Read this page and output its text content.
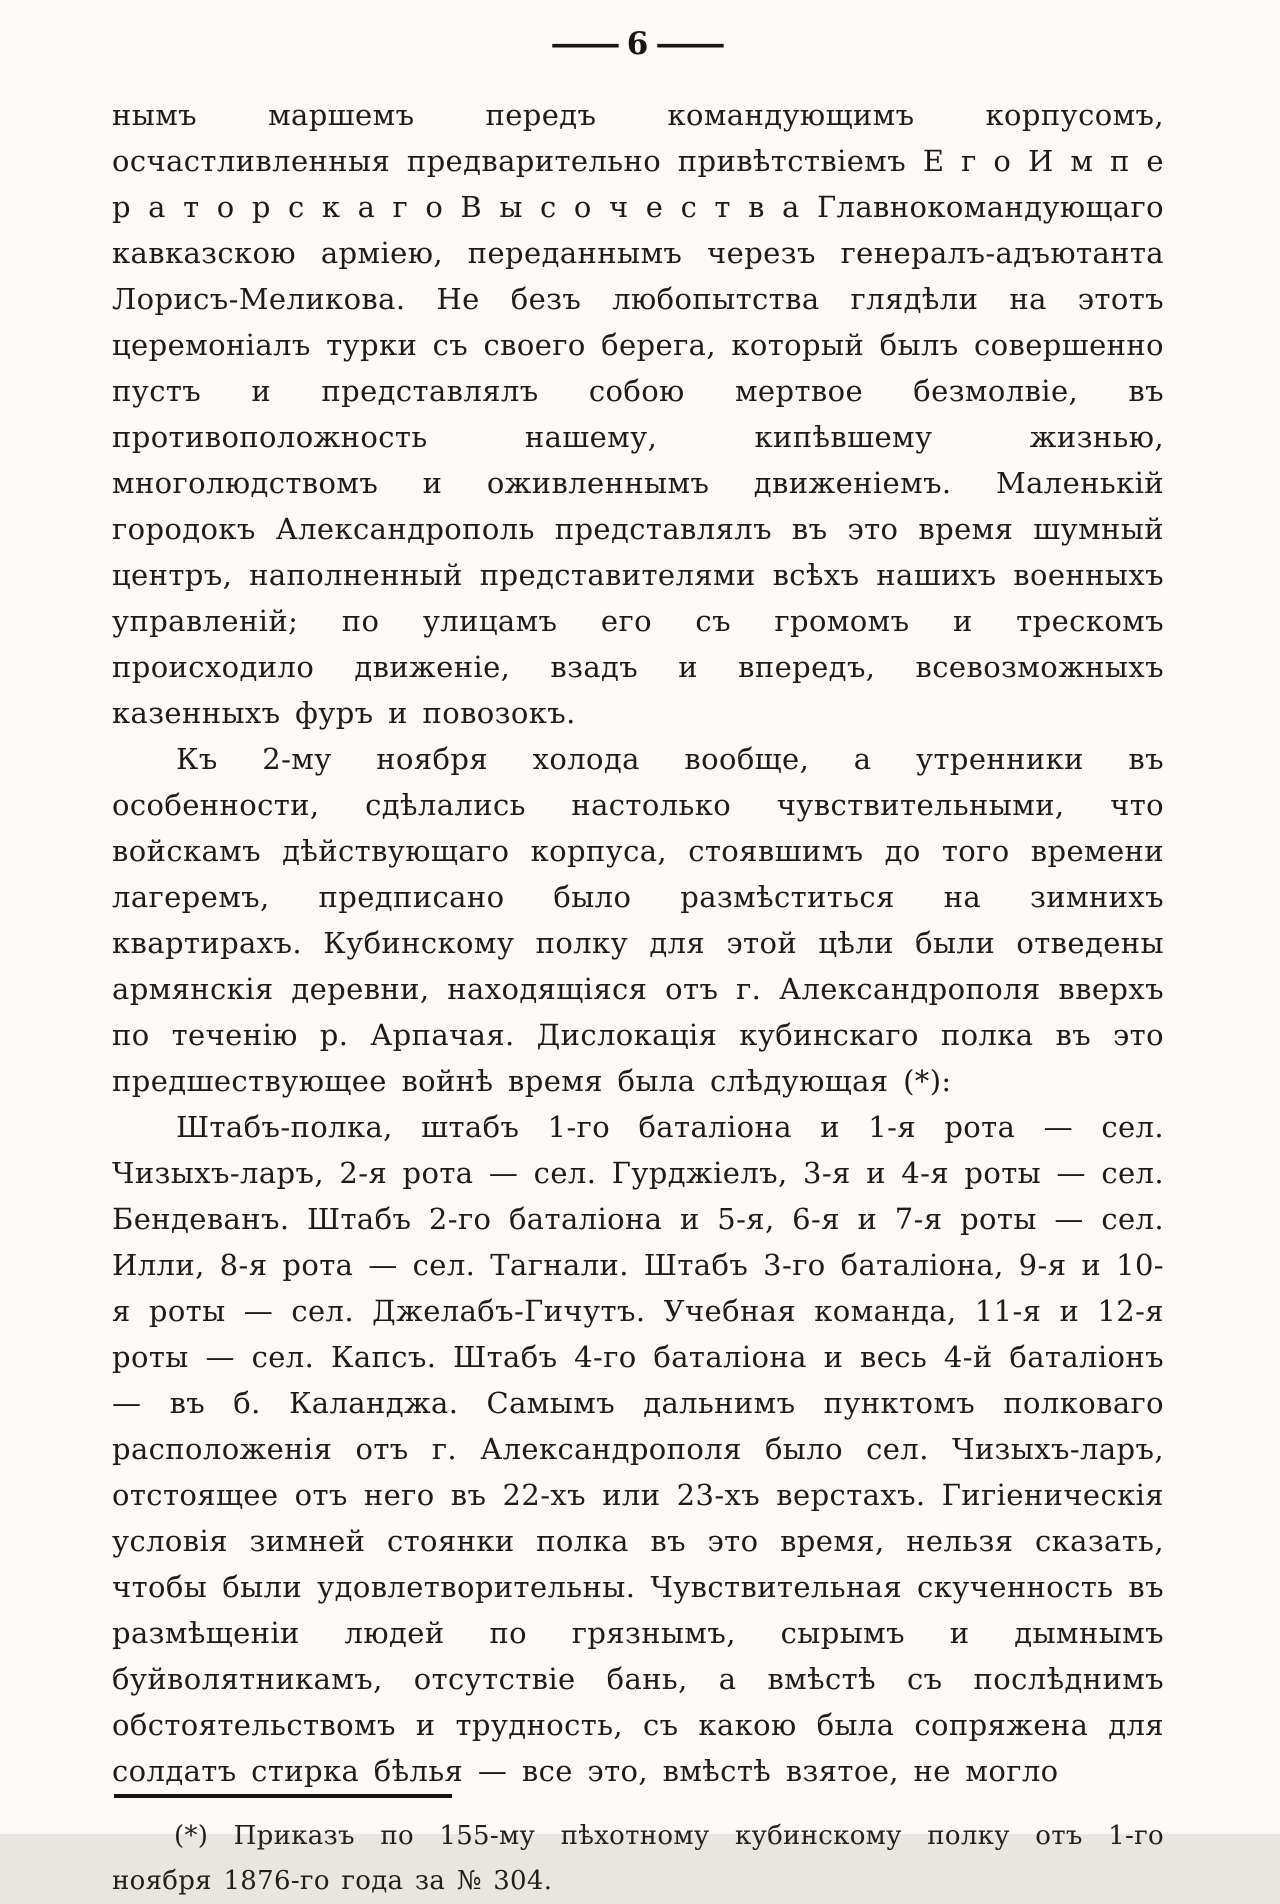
— 6 —

нымъ маршемъ передъ командующимъ корпусомъ, осчастливленныя предварительно привѣтствіемъ Е г о И м п е р а т о р с к а г о В ы с о ч е с т в а Главнокомандующаго кавказскою арміею, переданнымъ черезъ генералъ-адъютанта Лорисъ-Меликова. Не безъ любопытства глядѣли на этотъ церемоніалъ турки съ своего берега, который былъ совершенно пустъ и представлялъ собою мертвое безмолвіе, въ противоположность нашему, кипѣвшему жизнью, многолюдствомъ и оживленнымъ движеніемъ. Маленькій городокъ Александрополь представлялъ въ это время шумный центръ, наполненный представителями всѣхъ нашихъ военныхъ управленій; по улицамъ его съ громомъ и трескомъ происходило движеніе, взадъ и впередъ, всевозможныхъ казенныхъ фуръ и повозокъ.

Къ 2-му ноября холода вообще, а утренники въ особенности, сдѣлались настолько чувствительными, что войскамъ дѣйствующаго корпуса, стоявшимъ до того времени лагеремъ, предписано было размѣститься на зимнихъ квартирахъ. Кубинскому полку для этой цѣли были отведены армянскія деревни, находящіяся отъ г. Александрополя вверхъ по теченію р. Арпачая. Дислокація кубинскаго полка въ это предшествующее войнѣ время была слѣдующая (*):

Штабъ-полка, штабъ 1-го баталіона и 1-я рота — сел. Чизыхъ-ларъ, 2-я рота — сел. Гурджіелъ, 3-я и 4-я роты — сел. Бендеванъ. Штабъ 2-го баталіона и 5-я, 6-я и 7-я роты — сел. Илли, 8-я рота — сел. Тагнали. Штабъ 3-го баталіона, 9-я и 10-я роты — сел. Джелабъ-Гичутъ. Учебная команда, 11-я и 12-я роты — сел. Капсъ. Штабъ 4-го баталіона и весь 4-й баталіонъ — въ б. Каланджа. Самымъ дальнимъ пунктомъ полковаго расположенія отъ г. Александрополя было сел. Чизыхъ-ларъ, отстоящее отъ него въ 22-хъ или 23-хъ верстахъ. Гигіеническія условія зимней стоянки полка въ это время, нельзя сказать, чтобы были удовлетворительны. Чувствительная скученность въ размѣщеніи людей по грязнымъ, сырымъ и дымнымъ буйволятникамъ, отсутствіе бань, а вмѣстѣ съ послѣднимъ обстоятельствомъ и трудность, съ какою была сопряжена для солдатъ стирка бѣлья — все это, вмѣстѣ взятое, не могло

(*) Приказъ по 155-му пѣхотному кубинскому полку отъ 1-го ноября 1876-го года за № 304.
